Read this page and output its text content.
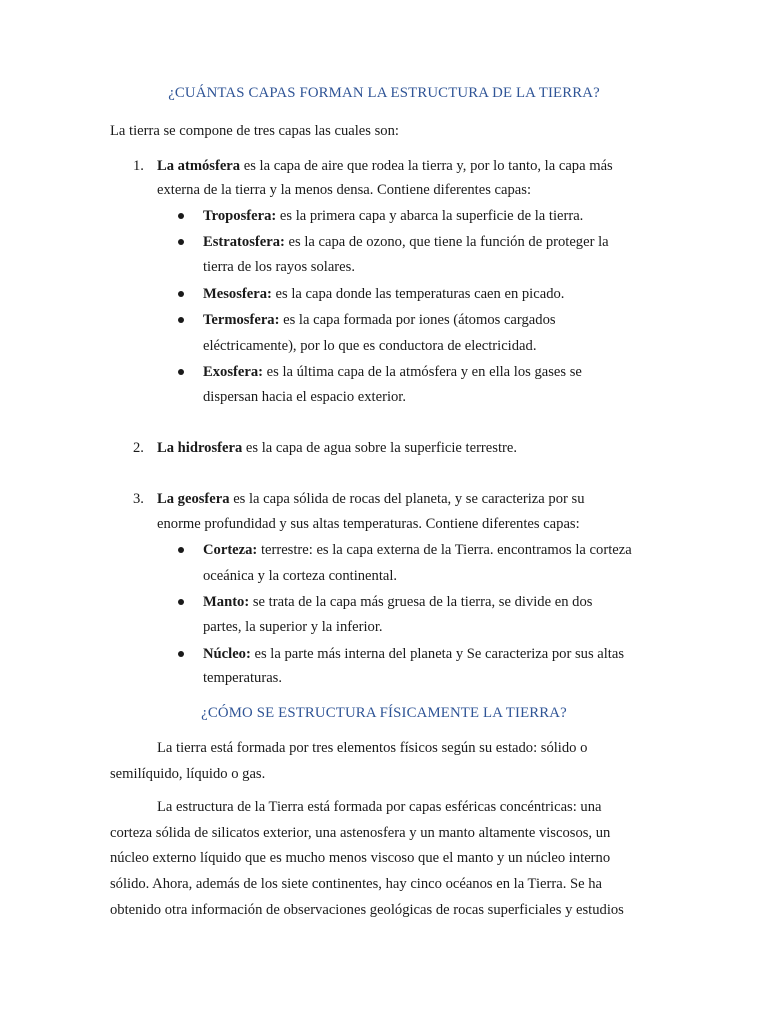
¿CUÁNTAS CAPAS FORMAN LA ESTRUCTURA DE LA TIERRA?
La tierra se compone de tres capas las cuales son:
1. La atmósfera es la capa de aire que rodea la tierra y, por lo tanto, la capa más
externa de la tierra y la menos densa. Contiene diferentes capas:
Troposfera: es la primera capa y abarca la superficie de la tierra.
Estratosfera: es la capa de ozono, que tiene la función de proteger la
tierra de los rayos solares.
Mesosfera: es la capa donde las temperaturas caen en picado.
Termosfera: es la capa formada por iones (átomos cargados
eléctricamente), por lo que es conductora de electricidad.
Exosfera: es la última capa de la atmósfera y en ella los gases se
dispersan hacia el espacio exterior.
2. La hidrosfera es la capa de agua sobre la superficie terrestre.
3. La geosfera es la capa sólida de rocas del planeta, y se caracteriza por su
enorme profundidad y sus altas temperaturas. Contiene diferentes capas:
Corteza: terrestre: es la capa externa de la Tierra. encontramos la corteza
oceánica y la corteza continental.
Manto: se trata de la capa más gruesa de la tierra, se divide en dos
partes, la superior y la inferior.
Núcleo: es la parte más interna del planeta y Se caracteriza por sus altas
temperaturas.
¿CÓMO SE ESTRUCTURA FÍSICAMENTE LA TIERRA?
La tierra está formada por tres elementos físicos según su estado: sólido o
semilíquido, líquido o gas.
La estructura de la Tierra está formada por capas esféricas concéntricas: una
corteza sólida de silicatos exterior, una astenosfera y un manto altamente viscosos, un
núcleo externo líquido que es mucho menos viscoso que el manto y un núcleo interno
sólido. Ahora, además de los siete continentes, hay cinco océanos en la Tierra. Se ha
obtenido otra información de observaciones geológicas de rocas superficiales y estudios
